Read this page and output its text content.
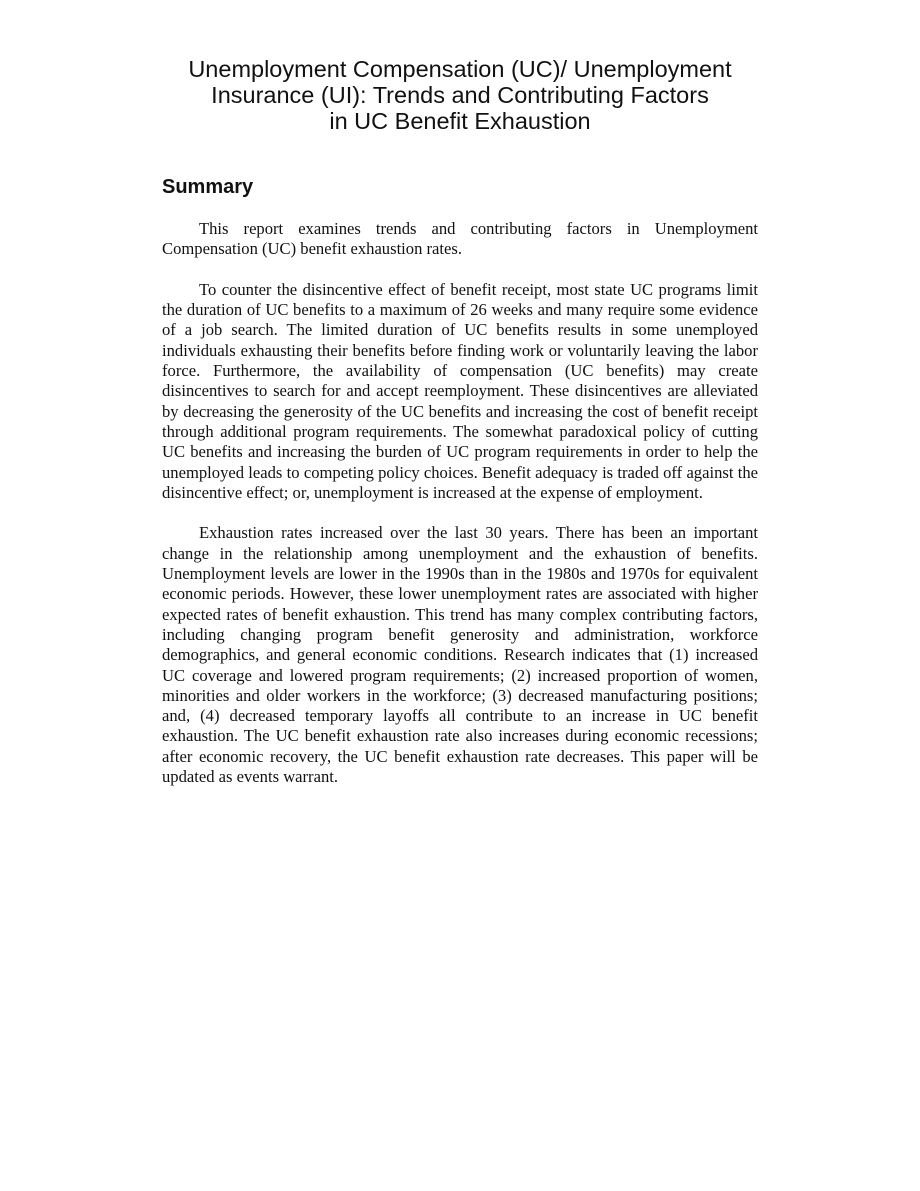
Unemployment Compensation (UC)/ Unemployment
Insurance (UI): Trends and Contributing Factors
in UC Benefit Exhaustion
Summary

This report examines trends and contributing factors in Unemployment Compensation (UC) benefit exhaustion rates.

To counter the disincentive effect of benefit receipt, most state UC programs limit the duration of UC benefits to a maximum of 26 weeks and many require some evidence of a job search. The limited duration of UC benefits results in some unemployed individuals exhausting their benefits before finding work or voluntarily leaving the labor force. Furthermore, the availability of compensation (UC benefits) may create disincentives to search for and accept reemployment. These disincentives are alleviated by decreasing the generosity of the UC benefits and increasing the cost of benefit receipt through additional program requirements. The somewhat paradoxical policy of cutting UC benefits and increasing the burden of UC program requirements in order to help the unemployed leads to competing policy choices. Benefit adequacy is traded off against the disincentive effect; or, unemployment is increased at the expense of employment.

Exhaustion rates increased over the last 30 years. There has been an important change in the relationship among unemployment and the exhaustion of benefits. Unemployment levels are lower in the 1990s than in the 1980s and 1970s for equivalent economic periods. However, these lower unemployment rates are associated with higher expected rates of benefit exhaustion. This trend has many complex contributing factors, including changing program benefit generosity and administration, workforce demographics, and general economic conditions. Research indicates that (1) increased UC coverage and lowered program requirements; (2) increased proportion of women, minorities and older workers in the workforce; (3) decreased manufacturing positions; and, (4) decreased temporary layoffs all contribute to an increase in UC benefit exhaustion. The UC benefit exhaustion rate also increases during economic recessions; after economic recovery, the UC benefit exhaustion rate decreases. This paper will be updated as events warrant.
